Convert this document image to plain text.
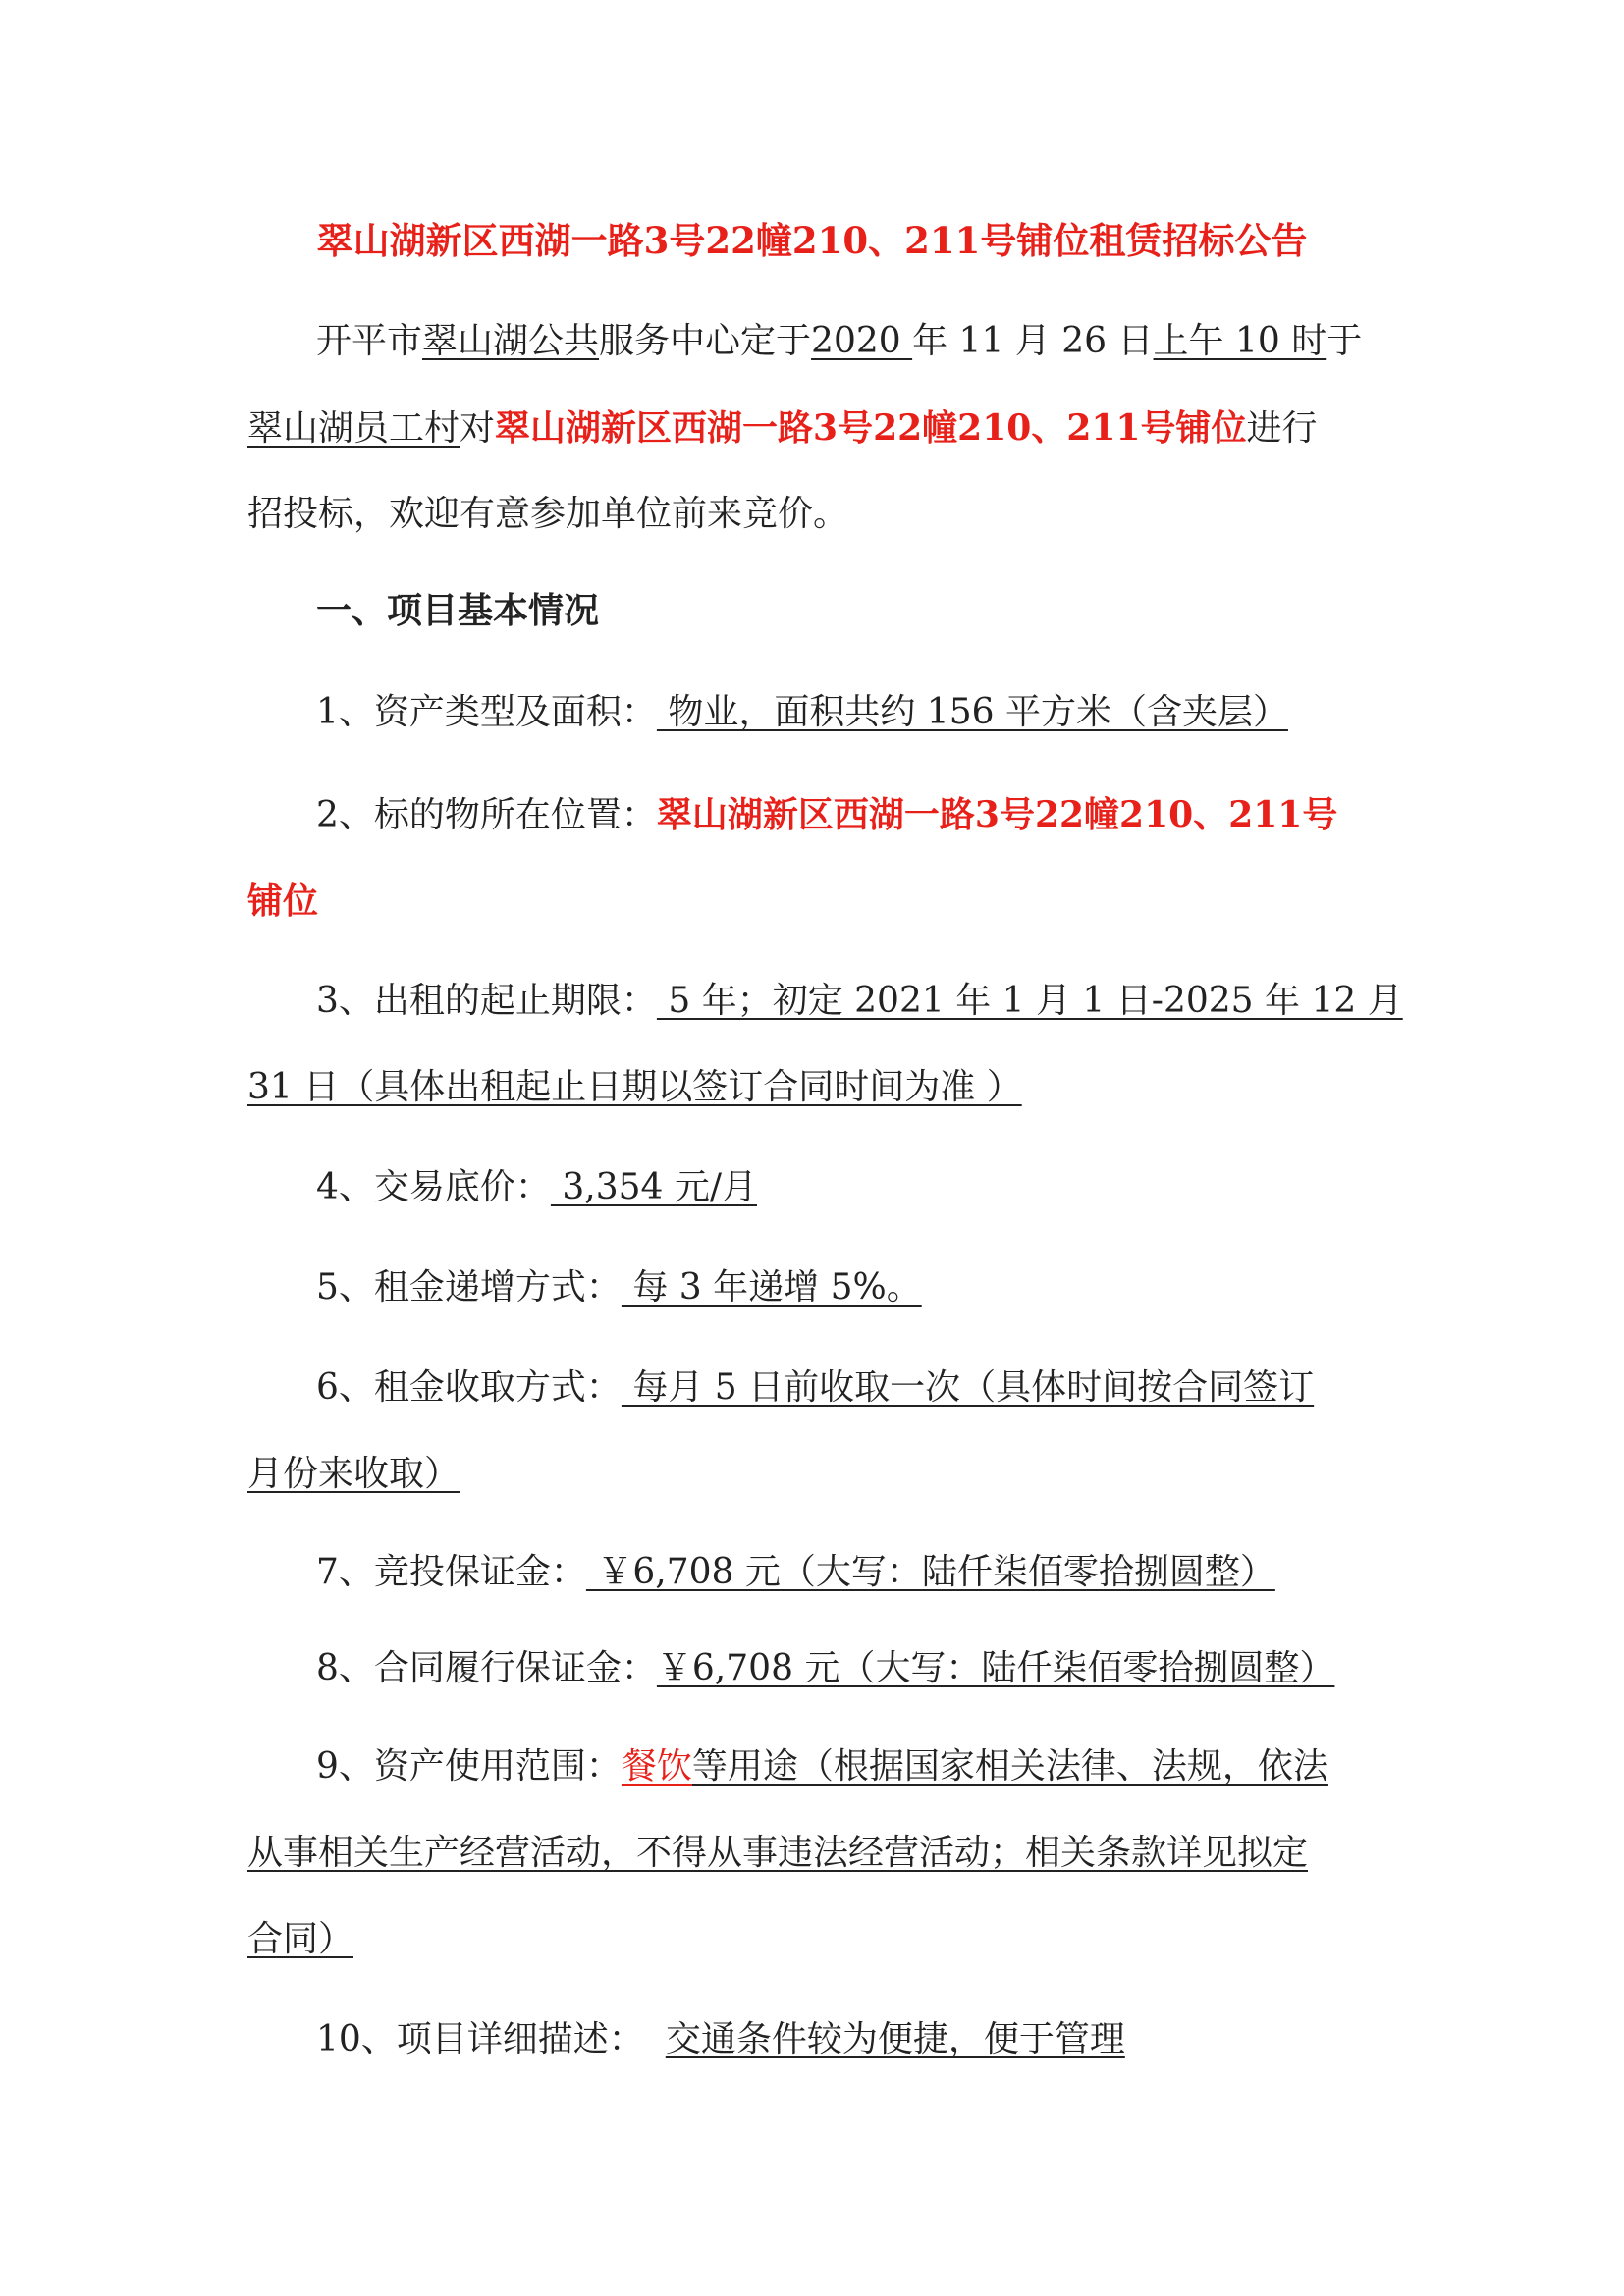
翠山湖新区西湖一路3号22幢210、211号铺位租赁招标公告
开平市翠山湖公共服务中心定于2020 年 11 月 26 日上午 10 时于
翠山湖员工村对翠山湖新区西湖一路3号22幢210、211号铺位进行
招投标，欢迎有意参加单位前来竞价。
一、项目基本情况
1、资产类型及面积： 物业，面积共约 156 平方米（含夹层）
2、标的物所在位置：翠山湖新区西湖一路3号22幢210、211号
铺位
3、出租的起止期限： 5 年；初定 2021 年 1 月 1 日-2025 年 12 月
31 日（具体出租起止日期以签订合同时间为准 ）
4、交易底价： 3,354 元/月
5、租金递增方式： 每 3 年递增 5%。
6、租金收取方式： 每月 5 日前收取一次（具体时间按合同签订
月份来收取）
7、竞投保证金： ￥6,708 元（大写：陆仟柒佰零拾捌圆整）
8、合同履行保证金：￥6,708 元（大写：陆仟柒佰零拾捌圆整）
9、资产使用范围：餐饮等用途（根据国家相关法律、法规，依法
从事相关生产经营活动，不得从事违法经营活动；相关条款详见拟定
合同）
10、项目详细描述： 交通条件较为便捷，便于管理
